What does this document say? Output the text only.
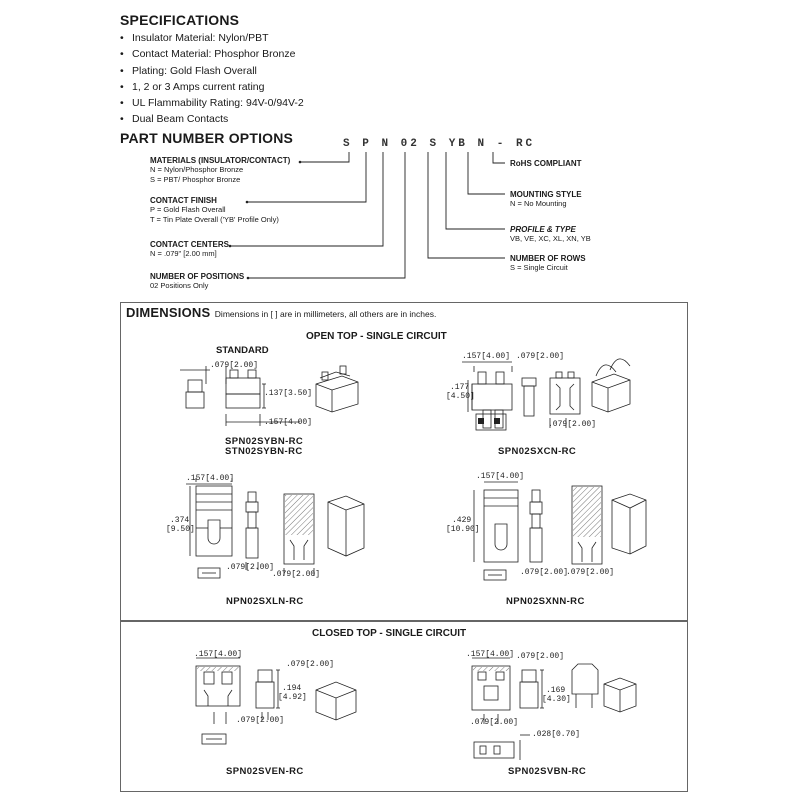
SPECIFICATIONS
• Insulator Material: Nylon/PBT
• Contact Material: Phosphor Bronze
• Plating: Gold Flash Overall
• 1, 2 or 3 Amps current rating
• UL Flammability Rating: 94V-0/94V-2
• Dual Beam Contacts
PART NUMBER OPTIONS	S P N 02 S YB N - RC
MATERIALS (INSULATOR/CONTACT)
N = Nylon/Phosphor Bronze
S = PBT/ Phosphor Bronze
CONTACT FINISH
P = Gold Flash Overall
T = Tin Plate Overall ('YB' Profile Only)
CONTACT CENTERS
N = .079" [2.00 mm]
NUMBER OF POSITIONS
02 Positions Only
RoHS COMPLIANT
MOUNTING STYLE
N = No Mounting
PROFILE & TYPE
VB, VE, XC, XL, XN, YB
NUMBER OF ROWS
S = Single Circuit
DIMENSIONS Dimensions in [ ] are in millimeters, all others are in inches.
OPEN TOP - SINGLE CIRCUIT
STANDARD
.079[2.00]
.137[3.50]
.157[4.00]
SPN02SYBN-RC
STN02SYBN-RC
.157[4.00] .079[2.00]
.177
[4.50]
.079[2.00]
SPN02SXCN-RC
.157[4.00]
.374
[9.50]
.079[2.00]
.079[2.00]
NPN02SXLN-RC
.157[4.00]
.429
[10.90]
.079[2.00]
.079[2.00]
NPN02SXNN-RC
CLOSED TOP - SINGLE CIRCUIT
.157[4.00]
.079[2.00]
.194
[4.92]
.079[2.00]
SPN02SVEN-RC
.157[4.00] .079[2.00]
.169
[4.30]
.079[2.00]
.028[0.70]
SPN02SVBN-RC
